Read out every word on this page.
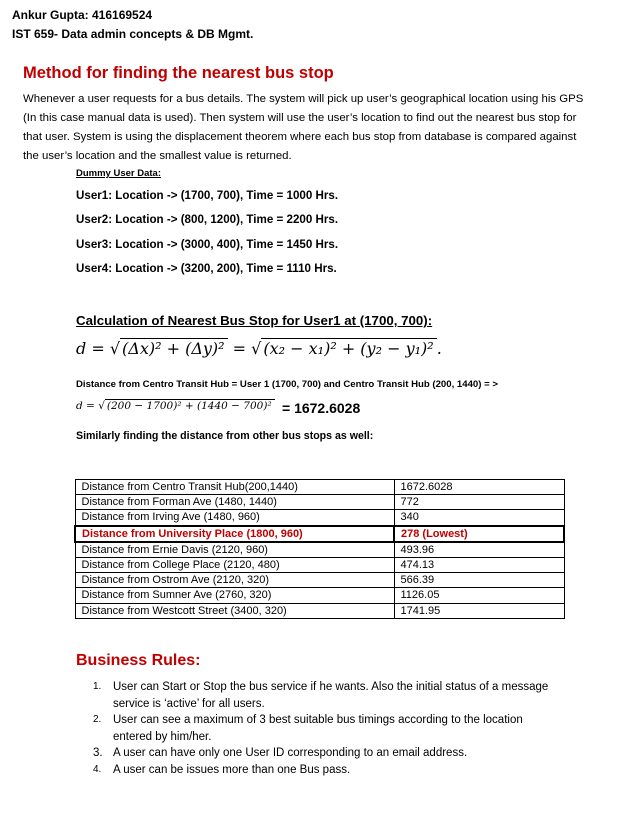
Ankur Gupta: 416169524
IST 659- Data admin concepts & DB Mgmt.
Method for finding the nearest bus stop
Whenever a user requests for a bus details. The system will pick up user’s geographical location using his GPS (In this case manual data is used). Then system will use the user’s location to find out the nearest bus stop for that user. System is using the displacement theorem where each bus stop from database is compared against the user’s location and the smallest value is returned.
Dummy User Data:
User1: Location -> (1700, 700), Time = 1000 Hrs.
User2: Location -> (800, 1200), Time = 2200 Hrs.
User3: Location -> (3000, 400), Time = 1450 Hrs.
User4: Location -> (3200, 200), Time = 1110 Hrs.
Calculation of Nearest Bus Stop for User1 at (1700, 700):
d = √ (Δx)² + (Δy)² = √ (x₂ − x₁)² + (y₂ − y₁)² .
Distance from Centro Transit Hub = User 1 (1700, 700) and Centro Transit Hub (200, 1440) = >
d = √ (200 − 1700)² + (1440 − 700)² = 1672.6028
Similarly finding the distance from other bus stops as well:
Distance from Centro Transit Hub(200,1440)	1672.6028
Distance from Forman Ave (1480, 1440)	772
Distance from Irving Ave (1480, 960)	340
Distance from University Place (1800, 960)	278 (Lowest)
Distance from Ernie Davis (2120, 960)	493.96
Distance from College Place (2120, 480)	474.13
Distance from Ostrom Ave (2120, 320)	566.39
Distance from Sumner Ave (2760, 320)	1126.05
Distance from Westcott Street (3400, 320)	1741.95
Business Rules:
1.	User can Start or Stop the bus service if he wants. Also the initial status of a message service is ‘active’ for all users.
2.	User can see a maximum of 3 best suitable bus timings according to the location entered by him/her.
3. A user can have only one User ID corresponding to an email address.
4.	A user can be issues more than one Bus pass.
